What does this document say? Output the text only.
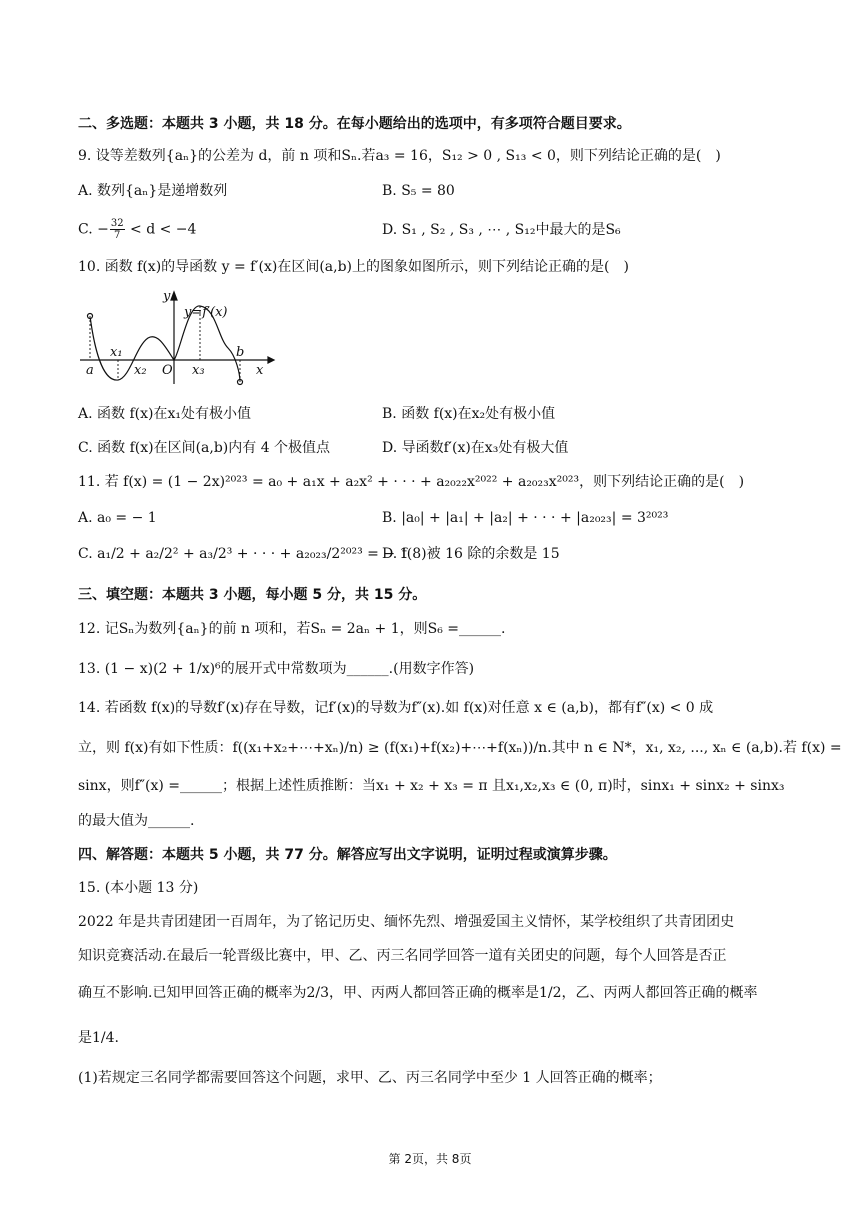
二、多选题：本题共 3 小题，共 18 分。在每小题给出的选项中，有多项符合题目要求。
9. 设等差数列{aₙ}的公差为 d，前 n 项和Sₙ.若a₃ = 16，S₁₂ > 0 , S₁₃ < 0，则下列结论正确的是(　)
A. 数列{aₙ}是递增数列	B. S₅ = 80
C. − $\frac{32}{7} < d < -4$	D. S₁ , S₂ , S₃ , ⋯ , S₁₂中最大的是S₆
10. 函数 f(x)的导函数 y = f′(x)在区间(a,b)上的图象如图所示，则下列结论正确的是(　)
y
y=f′(x)
x₁
x₂ O x₃
a
b
x
A. 函数 f(x)在x₁处有极小值	B. 函数 f(x)在x₂处有极小值
C. 函数 f(x)在区间(a,b)内有 4 个极值点	D. 导函数f′(x)在x₃处有极大值
11. 若 f(x) = (1 − 2x)²⁰²³ = a₀ + a₁x + a₂x² + · · · + a₂₀₂₂x²⁰²² + a₂₀₂₃x²⁰²³，则下列结论正确的是(　)
A. a₀ = − 1	B. |a₀| + |a₁| + |a₂| + · · · + |a₂₀₂₃| = 3²⁰²³
C. a₁/2 + a₂/2² + a₃/2³ + · · · + a₂₀₂₃/2²⁰²³ = − 1
D. f(8)被 16 除的余数是 15
三、填空题：本题共 3 小题，每小题 5 分，共 15 分。
12. 记Sₙ为数列{aₙ}的前 n 项和，若Sₙ = 2aₙ + 1，则S₆ =______.
13. (1 − x)(2 + 1/x)⁶的展开式中常数项为______.(用数字作答)
14. 若函数 f(x)的导数f′(x)存在导数，记f′(x)的导数为f″(x).如 f(x)对任意 x ∈ (a,b)，都有f″(x) < 0 成
立，则 f(x)有如下性质：f((x₁+x₂+⋯+xₙ)/n) ≥ (f(x₁)+f(x₂)+⋯+f(xₙ))/n.其中 n ∈ N*，x₁, x₂, ..., xₙ ∈ (a,b).若 f(x) =
sinx，则f″(x) =______；根据上述性质推断：当x₁ + x₂ + x₃ = π 且x₁,x₂,x₃ ∈ (0, π)时，sinx₁ + sinx₂ + sinx₃
的最大值为______.
四、解答题：本题共 5 小题，共 77 分。解答应写出文字说明，证明过程或演算步骤。
15. (本小题 13 分)
2022 年是共青团建团一百周年，为了铭记历史、缅怀先烈、增强爱国主义情怀，某学校组织了共青团团史
知识竞赛活动.在最后一轮晋级比赛中，甲、乙、丙三名同学回答一道有关团史的问题，每个人回答是否正
确互不影响.已知甲回答正确的概率为2/3，甲、丙两人都回答正确的概率是1/2，乙、丙两人都回答正确的概率
是1/4.
(1)若规定三名同学都需要回答这个问题，求甲、乙、丙三名同学中至少 1 人回答正确的概率；
第 2页，共 8页
